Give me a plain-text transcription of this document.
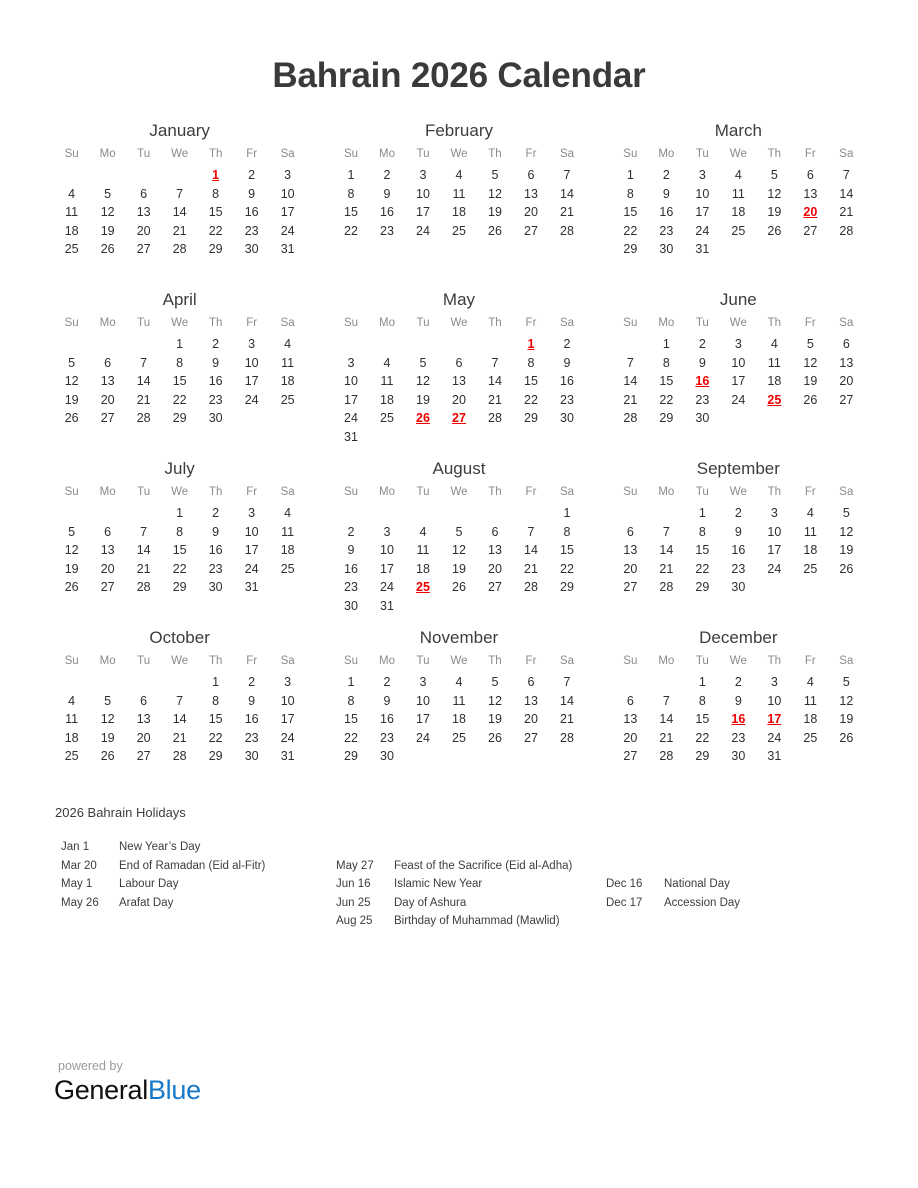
Bahrain 2026 Calendar
January
Su	Mo	Tu	We	Th	Fr	Sa
				1	2	3
4	5	6	7	8	9	10
11	12	13	14	15	16	17
18	19	20	21	22	23	24
25	26	27	28	29	30	31
February
Su	Mo	Tu	We	Th	Fr	Sa
1	2	3	4	5	6	7
8	9	10	11	12	13	14
15	16	17	18	19	20	21
22	23	24	25	26	27	28
March
Su	Mo	Tu	We	Th	Fr	Sa
1	2	3	4	5	6	7
8	9	10	11	12	13	14
15	16	17	18	19	20	21
22	23	24	25	26	27	28
29	30	31				
April
Su	Mo	Tu	We	Th	Fr	Sa
			1	2	3	4
5	6	7	8	9	10	11
12	13	14	15	16	17	18
19	20	21	22	23	24	25
26	27	28	29	30		
May
Su	Mo	Tu	We	Th	Fr	Sa
					1	2
3	4	5	6	7	8	9
10	11	12	13	14	15	16
17	18	19	20	21	22	23
24	25	26	27	28	29	30
31						
June
Su	Mo	Tu	We	Th	Fr	Sa
	1	2	3	4	5	6
7	8	9	10	11	12	13
14	15	16	17	18	19	20
21	22	23	24	25	26	27
28	29	30				
July
Su	Mo	Tu	We	Th	Fr	Sa
			1	2	3	4
5	6	7	8	9	10	11
12	13	14	15	16	17	18
19	20	21	22	23	24	25
26	27	28	29	30	31	
August
Su	Mo	Tu	We	Th	Fr	Sa
						1
2	3	4	5	6	7	8
9	10	11	12	13	14	15
16	17	18	19	20	21	22
23	24	25	26	27	28	29
30	31					
September
Su	Mo	Tu	We	Th	Fr	Sa
		1	2	3	4	5
6	7	8	9	10	11	12
13	14	15	16	17	18	19
20	21	22	23	24	25	26
27	28	29	30			
October
Su	Mo	Tu	We	Th	Fr	Sa
				1	2	3
4	5	6	7	8	9	10
11	12	13	14	15	16	17
18	19	20	21	22	23	24
25	26	27	28	29	30	31
November
Su	Mo	Tu	We	Th	Fr	Sa
1	2	3	4	5	6	7
8	9	10	11	12	13	14
15	16	17	18	19	20	21
22	23	24	25	26	27	28
29	30					
December
Su	Mo	Tu	We	Th	Fr	Sa
		1	2	3	4	5
6	7	8	9	10	11	12
13	14	15	16	17	18	19
20	21	22	23	24	25	26
27	28	29	30	31		
2026 Bahrain Holidays
Jan 1	New Year’s Day
Mar 20	End of Ramadan (Eid al-Fitr)
May 1	Labour Day
May 26	Arafat Day
May 27	Feast of the Sacrifice (Eid al-Adha)
Jun 16	Islamic New Year
Jun 25	Day of Ashura
Aug 25	Birthday of Muhammad (Mawlid)
Dec 16	National Day
Dec 17	Accession Day
powered by
GeneralBlue
